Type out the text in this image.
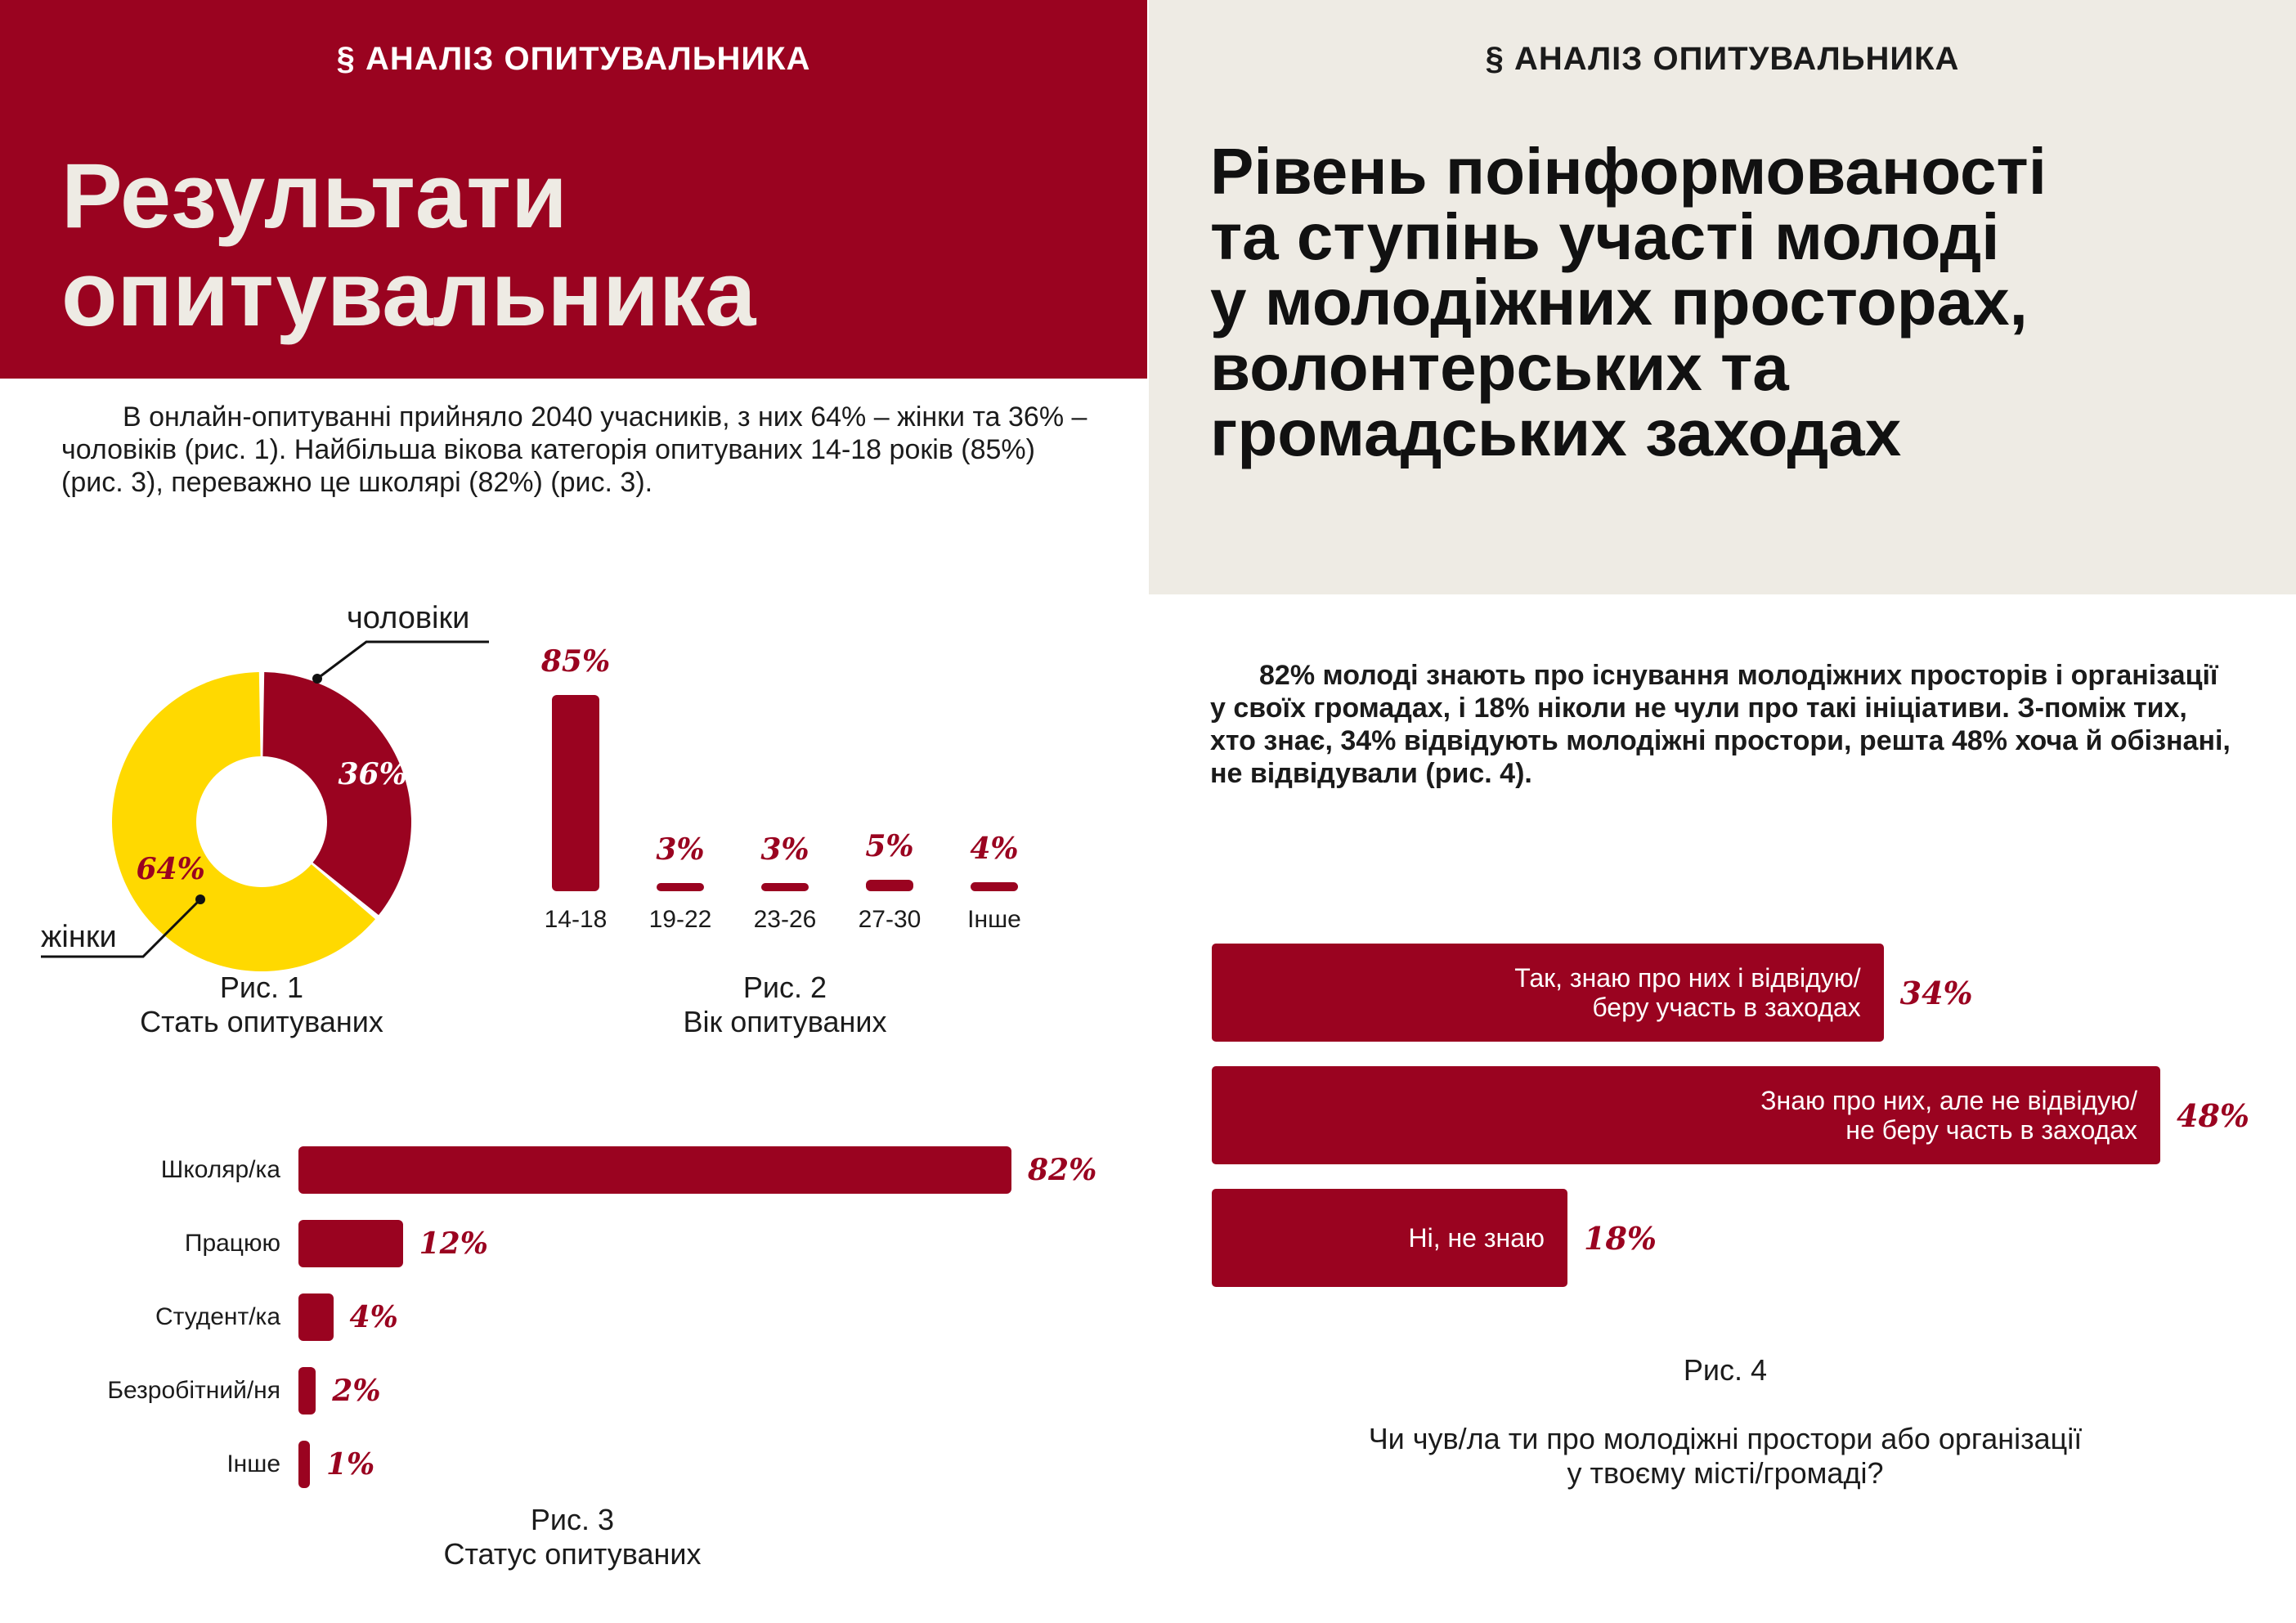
§ АНАЛІЗ ОПИТУВАЛЬНИКА
Результати
опитувальника
§ АНАЛІЗ ОПИТУВАЛЬНИКА
Рівень поінформованості
та ступінь участі молоді
у молодіжних просторах,
волонтерських та
громадських заходах
В онлайн-опитуванні прийняло 2040 учасників, з них 64% – жінки та 36% – чоловіків (рис. 1). Найбільша вікова категорія опитуваних 14-18 років (85%) (рис. 3), переважно це школярі (82%) (рис. 3).
36%
64%
чоловіки
жінки
Рис. 1
Стать опитуваних
85%
14-18
3%
19-22
3%
23-26
5%
27-30
4%
Інше
Рис. 2
Вік опитуваних
Школяр/ка	82%
Працюю	12%
Студент/ка 4%
Безробітний/ня 2%
Інше 1%
Рис. 3
Статус опитуваних
82% молоді знають про існування молодіжних просторів і організації у своїх громадах, і 18% ніколи не чули про такі ініціативи. З-поміж тих, хто знає, 34% відвідують молодіжні простори, решта 48% хоча й обізнані, не відвідували (рис. 4).
Так, знаю про них і відвідую/
беру участь в заходах 34%
Знаю про них, але не відвідую/
не беру часть в заходах 48%
Ні, не знаю 18%

Рис. 4

Чи чув/ла ти про молодіжні простори або організації
у твоєму місті/громаді?
